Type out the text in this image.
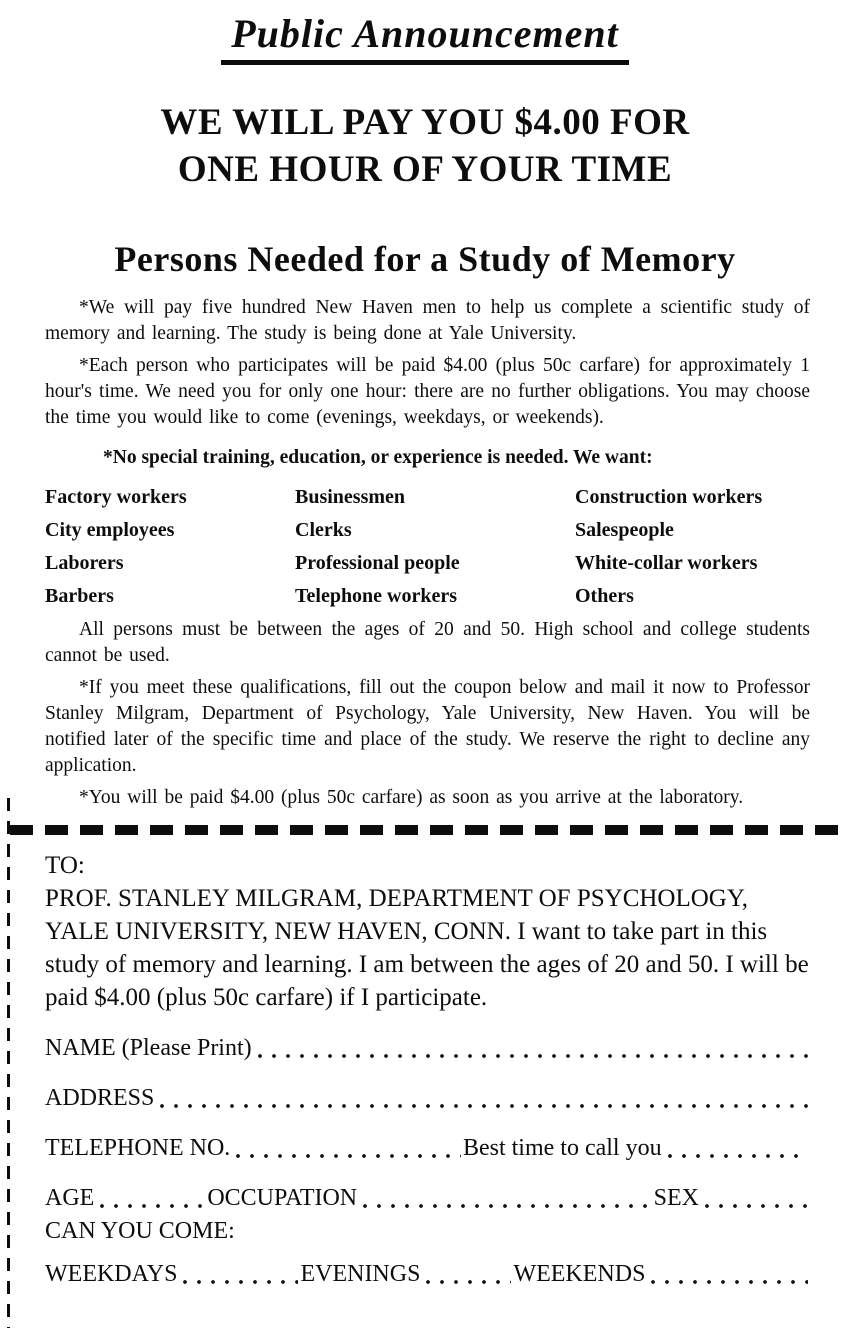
Public Announcement
WE WILL PAY YOU $4.00 FOR
ONE HOUR OF YOUR TIME
Persons Needed for a Study of Memory

*We will pay five hundred New Haven men to help us complete a scientific study of memory and learning. The study is being done at Yale University.

*Each person who participates will be paid $4.00 (plus 50c carfare) for approximately 1 hour's time. We need you for only one hour: there are no further obligations. You may choose the time you would like to come (evenings, weekdays, or weekends).

*No special training, education, or experience is needed. We want:
Factory workers	Businessmen	Construction workers
City employees	Clerks	Salespeople
Laborers	Professional people	White-collar workers
Barbers	Telephone workers	Others

All persons must be between the ages of 20 and 50. High school and college students cannot be used.

*If you meet these qualifications, fill out the coupon below and mail it now to Professor Stanley Milgram, Department of Psychology, Yale University, New Haven. You will be notified later of the specific time and place of the study. We reserve the right to decline any application.

*You will be paid $4.00 (plus 50c carfare) as soon as you arrive at the laboratory.

TO:

PROF. STANLEY MILGRAM, DEPARTMENT OF PSYCHOLOGY, YALE UNIVERSITY, NEW HAVEN, CONN. I want to take part in this study of memory and learning. I am between the ages of 20 and 50. I will be paid $4.00 (plus 50c carfare) if I participate.

NAME (Please Print)
ADDRESS
TELEPHONE NO.	Best time to call you
AGE	OCCUPATION	SEX
CAN YOU COME:
WEEKDAYS	EVENINGS	WEEKENDS
